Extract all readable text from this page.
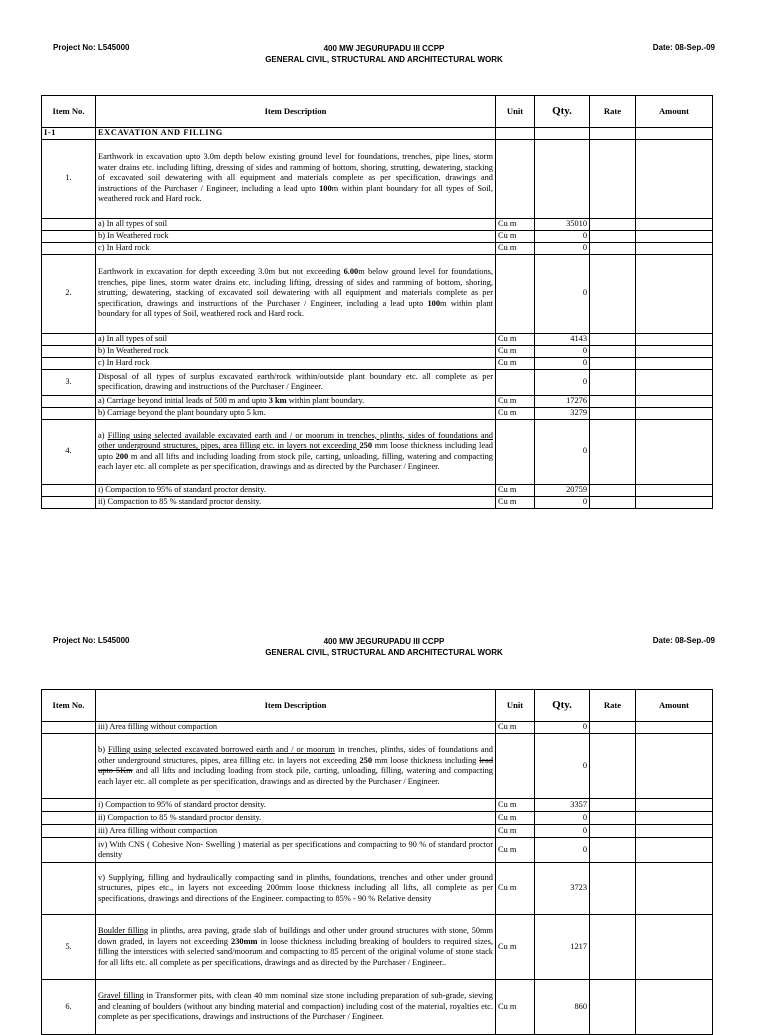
Project No: L545000	400 MW JEGURUPADU III CCPP
GENERAL CIVIL, STRUCTURAL AND ARCHITECTURAL WORK
Date: 08-Sep.-09
Item No.	Item Description	Unit	Qty.	Rate	Amount
I-1	EXCAVATION AND FILLING				
1.	Earthwork in excavation upto 3.0m depth below existing ground level for foundations, trenches, pipe lines, storm water drains etc. including lifting, dressing of sides and ramming of bottom, shoring, strutting, dewatering, stacking of excavated soil dewatering with all equipment and materials complete as per specification, drawings and instructions of the Purchaser / Engineer, including a lead upto 100m within plant boundary for all types of Soil, weathered rock and Hard rock.				
	a) In all types of soil	Cu m	35010		
	b) In Weathered rock	Cu m	0		
	c) In Hard rock	Cu m	0		
2.	Earthwork in excavation for depth exceeding 3.0m but not exceeding 6.00m below ground level for foundations, trenches, pipe lines, storm water drains etc. including lifting, dressing of sides and ramming of bottom, shoring, strutting, dewatering, stacking of excavated soil dewatering with all equipment and materials complete as per specification, drawings and instructions of the Purchaser / Engineer, including a lead upto 100m within plant boundary for all types of Soil, weathered rock and Hard rock.		0		
	a) In all types of soil	Cu m	4143		
	b) In Weathered rock	Cu m	0		
	c) In Hard rock	Cu m	0		
3.	Disposal of all types of surplus excavated earth/rock within/outside plant boundary etc. all complete as per specification, drawing and instructions of the Purchaser / Engineer.		0		
	a) Carriage beyond initial leads of 500 m and upto 3 km within plant boundary.	Cu m	17276		
	b) Carriage beyond the plant boundary upto 5 km.	Cu m	3279		
4.	a) Filling using selected available excavated earth and / or moorum in trenches, plinths, sides of foundations and other underground structures, pipes, area filling etc. in layers not exceeding 250 mm loose thickness including lead upto 200 m and all lifts and including loading from stock pile, carting, unloading, filling, watering and compacting each layer etc. all complete as per specification, drawings and as directed by the Purchaser / Engineer.		0		
	i) Compaction to 95% of standard proctor density.	Cu m	20759		
	ii) Compaction to 85 % standard proctor density.	Cu m	0		
Project No: L545000	400 MW JEGURUPADU III CCPP
GENERAL CIVIL, STRUCTURAL AND ARCHITECTURAL WORK
Date: 08-Sep.-09
Item No.	Item Description	Unit	Qty.	Rate	Amount
	iii) Area filling without compaction	Cu m	0		
	b) Filling using selected excavated borrowed earth and / or moorum in trenches, plinths, sides of foundations and other underground structures, pipes, area filling etc. in layers not exceeding 250 mm loose thickness including lead upto 5Km and all lifts and including loading from stock pile, carting, unloading, filling, watering and compacting each layer etc. all complete as per specification, drawings and as directed by the Purchaser / Engineer.		0		
	i) Compaction to 95% of standard proctor density.	Cu m	3357		
	ii) Compaction to 85 % standard proctor density.	Cu m	0		
	iii) Area filling without compaction	Cu m	0		
	iv) With CNS ( Cohesive Non- Swelling ) material as per specifications and compacting to 90 % of standard proctor density	Cu m	0		
	v) Supplying, filling and hydraulically compacting sand in plinths, foundations, trenches and other under ground structures, pipes etc., in layers not exceeding 200mm loose thickness including all lifts, all complete as per specifications, drawings and directions of the Engineer. compacting to 85% - 90 % Relative density	Cu m	3723		
5.	Boulder filling in plinths, area paving, grade slab of buildings and other under ground structures with stone, 50mm down graded, in layers not exceeding 230mm in loose thickness including breaking of boulders to required sizes, filling the interstices with selected sand/moorum and compacting to 85 percent of the original volume of stone stack for all lifts etc. all complete as per specifications, drawings and as directed by the Purchaser / Engineer..	Cu m	1217		
6.	Gravel filling in Transformer pits, with clean 40 mm nominal size stone including preparation of sub-grade, sieving and cleaning of boulders (without any binding material and compaction) including cost of the material, royalties etc. complete as per specifications, drawings and instructions of the Purchaser / Engineer.	Cu m	860		
